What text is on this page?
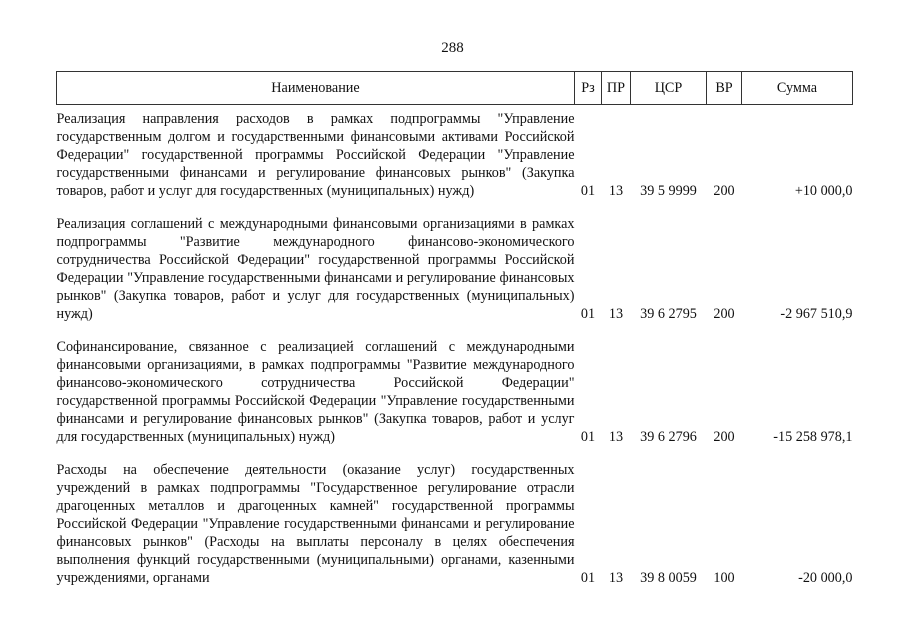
288
Наименование	Рз	ПР	ЦСР	ВР	Сумма
Реализация направления расходов в рамках подпрограммы "Управление государственным долгом и государственными финансовыми активами Российской Федерации" государственной программы Российской Федерации "Управление государственными финансами и регулирование финансовых рынков" (Закупка товаров, работ и услуг для государственных (муниципальных) нужд)	01	13	39 5 9999	200	+10 000,0
Реализация соглашений с международными финансовыми организациями в рамках подпрограммы "Развитие международного финансово-экономического сотрудничества Российской Федерации" государственной программы Российской Федерации "Управление государственными финансами и регулирование финансовых рынков" (Закупка товаров, работ и услуг для государственных (муниципальных) нужд)	01	13	39 6 2795	200	-2 967 510,9
Софинансирование, связанное с реализацией соглашений с международными финансовыми организациями, в рамках подпрограммы "Развитие международного финансово-экономического сотрудничества Российской Федерации" государственной программы Российской Федерации "Управление государственными финансами и регулирование финансовых рынков" (Закупка товаров, работ и услуг для государственных (муниципальных) нужд)	01	13	39 6 2796	200	-15 258 978,1
Расходы на обеспечение деятельности (оказание услуг) государственных учреждений в рамках подпрограммы "Государственное регулирование отрасли драгоценных металлов и драгоценных камней" государственной программы Российской Федерации "Управление государственными финансами и регулирование финансовых рынков" (Расходы на выплаты персоналу в целях обеспечения выполнения функций государственными (муниципальными) органами, казенными учреждениями, органами	01	13	39 8 0059	100	-20 000,0
